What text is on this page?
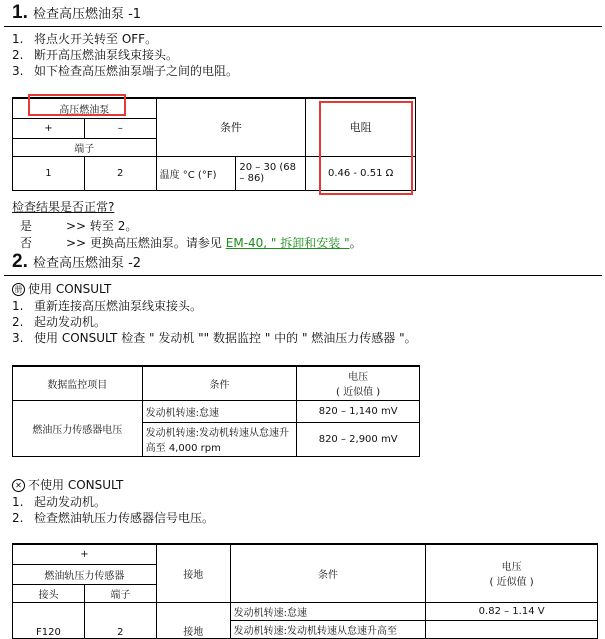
1. 检查高压燃油泵 -1
1. 将点火开关转至 OFF。
2. 断开高压燃油泵线束接头。
3. 如下检查高压燃油泵端子之间的电阻。
高压燃油泵		条件		电阻
+	–			
端子				
1	2	温度 °C (°F)	20 – 30 (68 – 86)	0.46 - 0.51 Ω
检查结果是否正常?
是	>> 转至 2。
否	>> 更换高压燃油泵。请参见 EM-40, " 拆卸和安装 "。
2. 检查高压燃油泵 -2
册 使用 CONSULT
1. 重新连接高压燃油泵线束接头。
2. 起动发动机。
3. 使用 CONSULT 检查 " 发动机 "" 数据监控 " 中的 " 燃油压力传感器 "。
数据监控项目	条件	电压
( 近似值 )

燃油压力传感器电压	发动机转速:怠速	820 – 1,140 mV
	发动机转速:发动机转速从怠速升高至 4,000 rpm	820 – 2,900 mV
✕ 不使用 CONSULT
1. 起动发动机。
2. 检查燃油轨压力传感器信号电压。
+		接地	条件	电压
( 近似值 )

燃油轨压力传感器				
接头	端子			
F120	2	接地	发动机转速:怠速	0.82 – 1.14 V
			发动机转速:发动机转速从怠速升高至	
